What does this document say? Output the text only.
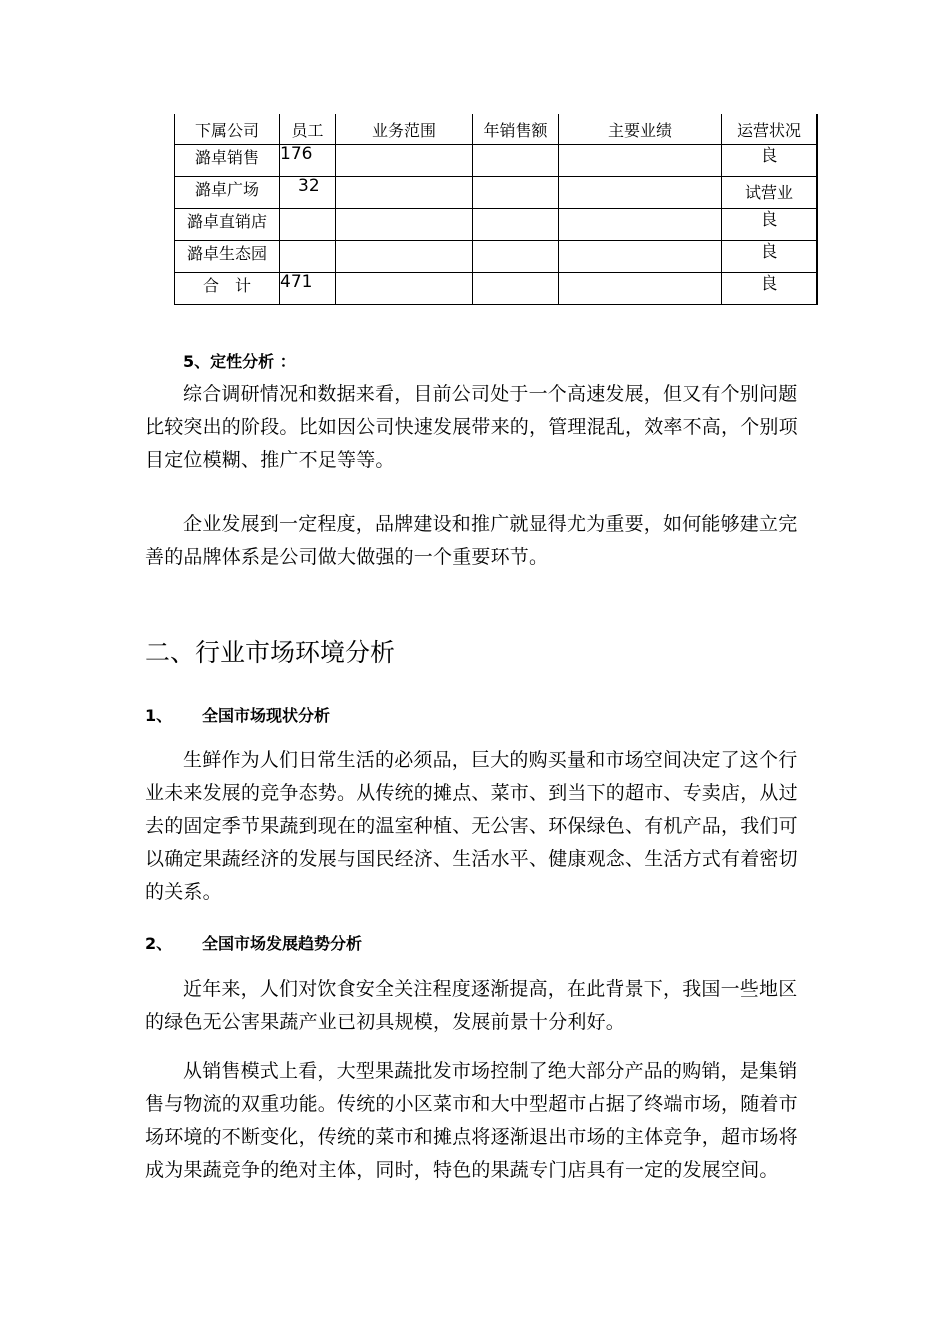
下属公司	员工	业务范围	年销售额	主要业绩	运营状况
潞卓销售	176				良
潞卓广场	32				试营业
潞卓直销店					良
潞卓生态园					良
合　计	471				良
5、定性分析 ：

综合调研情况和数据来看，目前公司处于一个高速发展，但又有个别问题比较突出的阶段。比如因公司快速发展带来的，管理混乱，效率不高，个别项目定位模糊、推广不足等等。

企业发展到一定程度，品牌建设和推广就显得尤为重要，如何能够建立完善的品牌体系是公司做大做强的一个重要环节。

二、行业市场环境分析
1、 全国市场现状分析

生鲜作为人们日常生活的必须品，巨大的购买量和市场空间决定了这个行业未来发展的竞争态势。从传统的摊点、菜市、到当下的超市、专卖店，从过去的固定季节果蔬到现在的温室种植、无公害、环保绿色、有机产品，我们可以确定果蔬经济的发展与国民经济、生活水平、健康观念、生活方式有着密切的关系。

2、 全国市场发展趋势分析

近年来，人们对饮食安全关注程度逐渐提高，在此背景下，我国一些地区的绿色无公害果蔬产业已初具规模，发展前景十分利好。

从销售模式上看，大型果蔬批发市场控制了绝大部分产品的购销，是集销售与物流的双重功能。传统的小区菜市和大中型超市占据了终端市场，随着市场环境的不断变化，传统的菜市和摊点将逐渐退出市场的主体竞争，超市场将成为果蔬竞争的绝对主体，同时，特色的果蔬专门店具有一定的发展空间。
